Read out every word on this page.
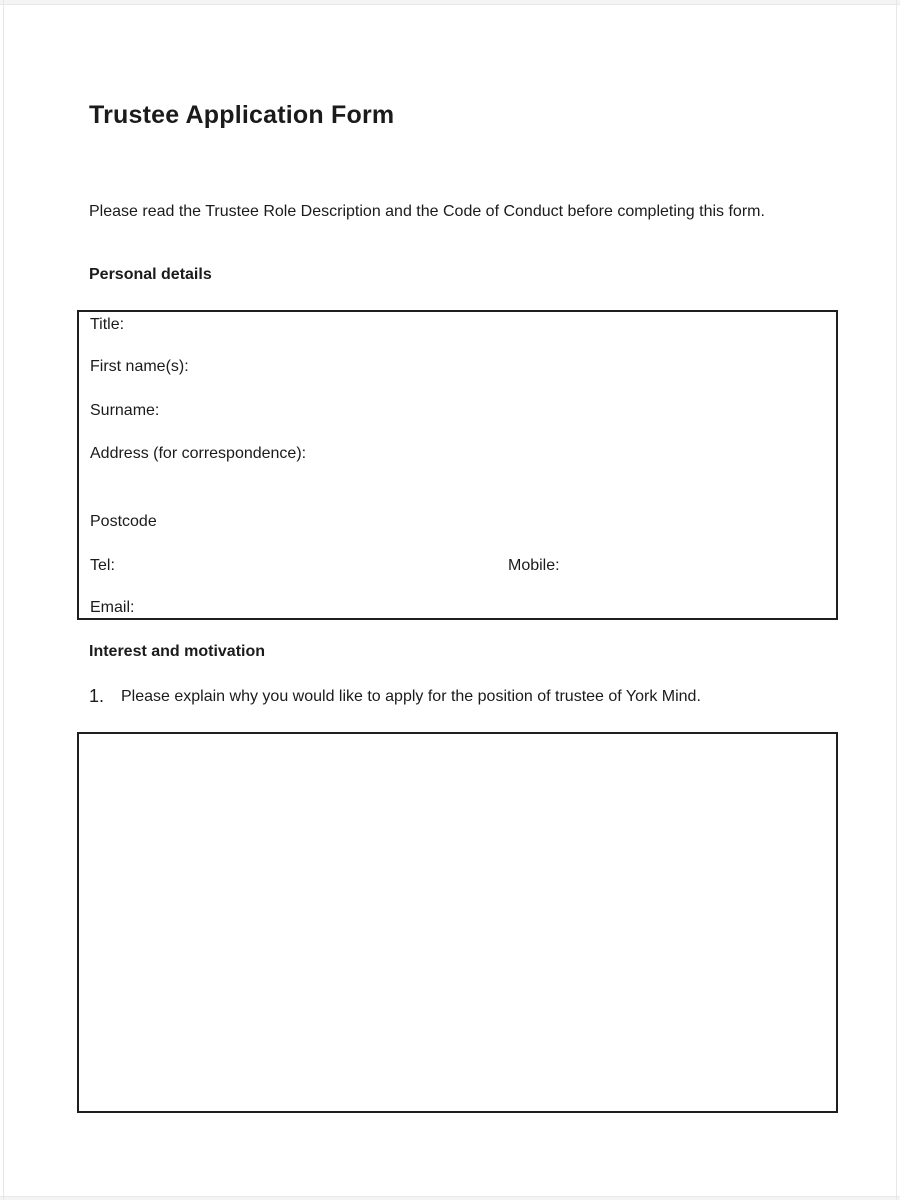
Trustee Application Form

Please read the Trustee Role Description and the Code of Conduct before completing this form.

Personal details
Title:
First name(s):
Surname:
Address (for correspondence):
Postcode
Tel:	Mobile:
Email:
Interest and motivation
1. Please explain why you would like to apply for the position of trustee of York Mind.
